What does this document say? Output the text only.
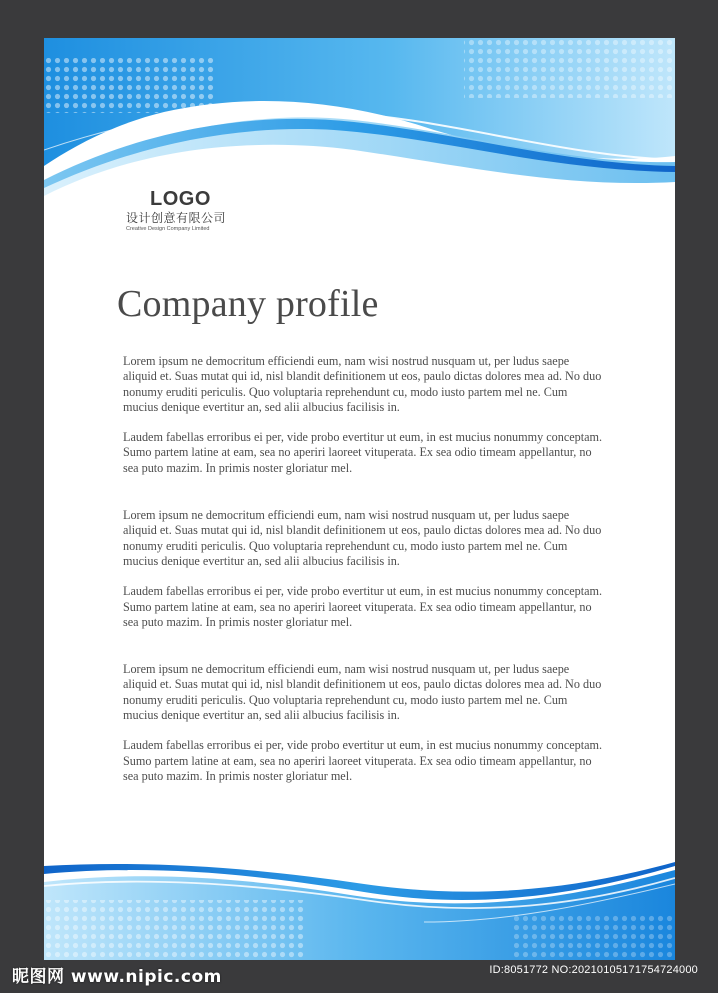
LOGO
设计创意有限公司
Creative Design Company Limited
Company profile

Lorem ipsum ne democritum efficiendi eum, nam wisi nostrud nusquam ut, per ludus saepe aliquid et. Suas mutat qui id, nisl blandit definitionem ut eos, paulo dictas dolores mea ad. No duo nonumy eruditi periculis. Quo voluptaria reprehendunt cu, modo iusto partem mel ne. Cum mucius denique evertitur an, sed alii albucius facilisis in.

Laudem fabellas erroribus ei per, vide probo evertitur ut eum, in est mucius nonummy conceptam. Sumo partem latine at eam, sea no aperiri laoreet vituperata. Ex sea odio timeam appellantur, no sea puto mazim. In primis noster gloriatur mel.

Lorem ipsum ne democritum efficiendi eum, nam wisi nostrud nusquam ut, per ludus saepe aliquid et. Suas mutat qui id, nisl blandit definitionem ut eos, paulo dictas dolores mea ad. No duo nonumy eruditi periculis. Quo voluptaria reprehendunt cu, modo iusto partem mel ne. Cum mucius denique evertitur an, sed alii albucius facilisis in.

Laudem fabellas erroribus ei per, vide probo evertitur ut eum, in est mucius nonummy conceptam. Sumo partem latine at eam, sea no aperiri laoreet vituperata. Ex sea odio timeam appellantur, no sea puto mazim. In primis noster gloriatur mel.

Lorem ipsum ne democritum efficiendi eum, nam wisi nostrud nusquam ut, per ludus saepe aliquid et. Suas mutat qui id, nisl blandit definitionem ut eos, paulo dictas dolores mea ad. No duo nonumy eruditi periculis. Quo voluptaria reprehendunt cu, modo iusto partem mel ne. Cum mucius denique evertitur an, sed alii albucius facilisis in.

Laudem fabellas erroribus ei per, vide probo evertitur ut eum, in est mucius nonummy conceptam. Sumo partem latine at eam, sea no aperiri laoreet vituperata. Ex sea odio timeam appellantur, no sea puto mazim. In primis noster gloriatur mel.

昵图网 www.nipic.com	ID:8051772 NO:20210105171754724000
